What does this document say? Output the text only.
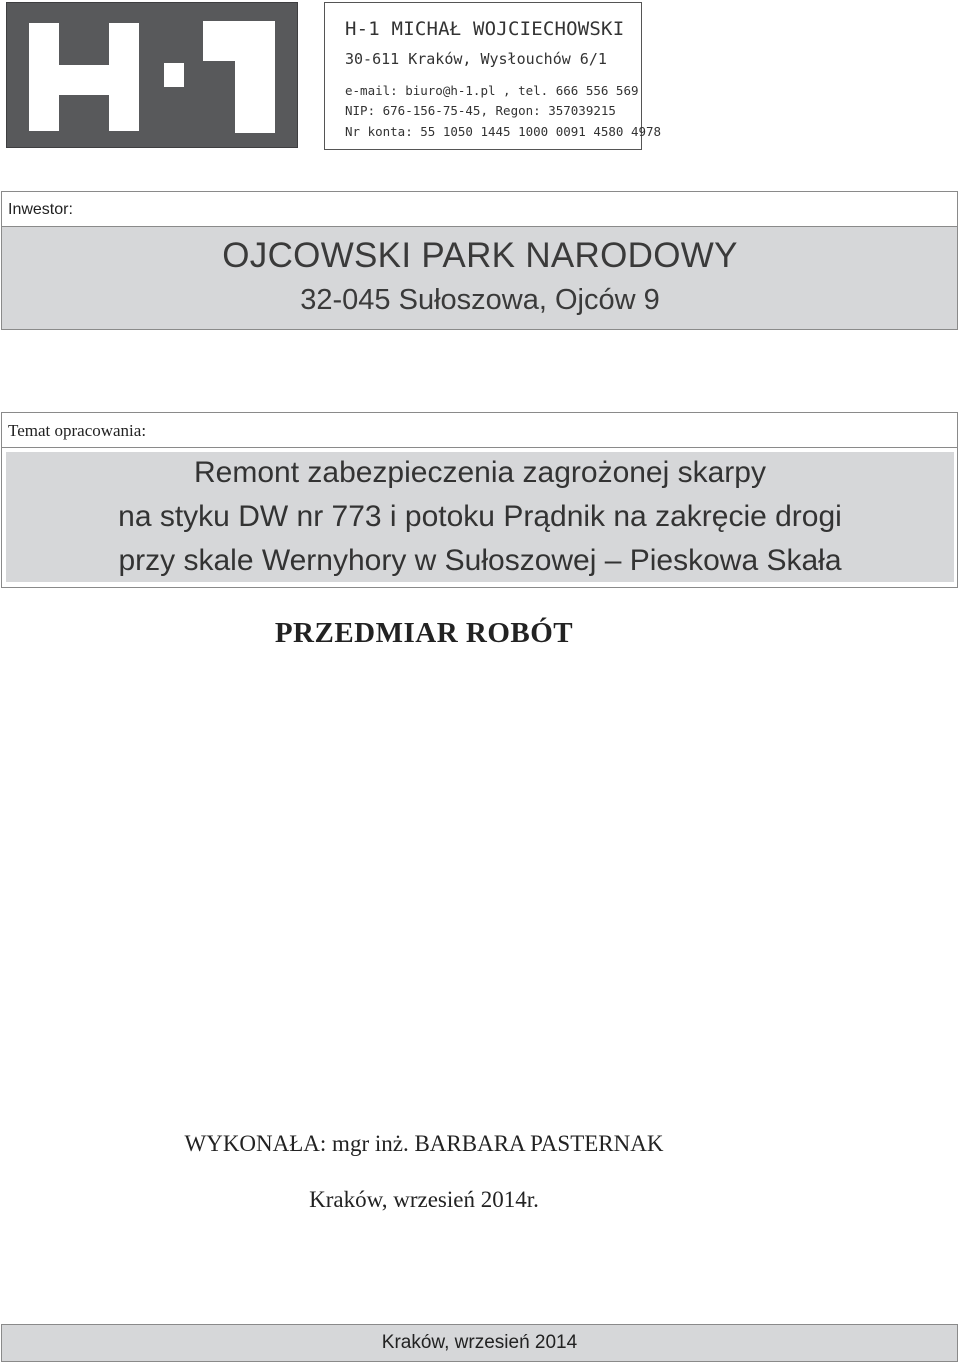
H-1 MICHAŁ WOJCIECHOWSKI
30-611 Kraków, Wysłouchów 6/1
e-mail: biuro@h-1.pl , tel. 666 556 569
NIP: 676-156-75-45, Regon: 357039215
Nr konta: 55 1050 1445 1000 0091 4580 4978
Inwestor:
OJCOWSKI PARK NARODOWY
32-045 Sułoszowa, Ojców 9
Temat opracowania:
Remont zabezpieczenia zagrożonej skarpy
na styku DW nr 773 i potoku Prądnik na zakręcie drogi
przy skale Wernyhory w Sułoszowej – Pieskowa Skała
PRZEDMIAR ROBÓT
WYKONAŁA: mgr inż. BARBARA PASTERNAK
Kraków, wrzesień 2014r.
Kraków, wrzesień 2014
